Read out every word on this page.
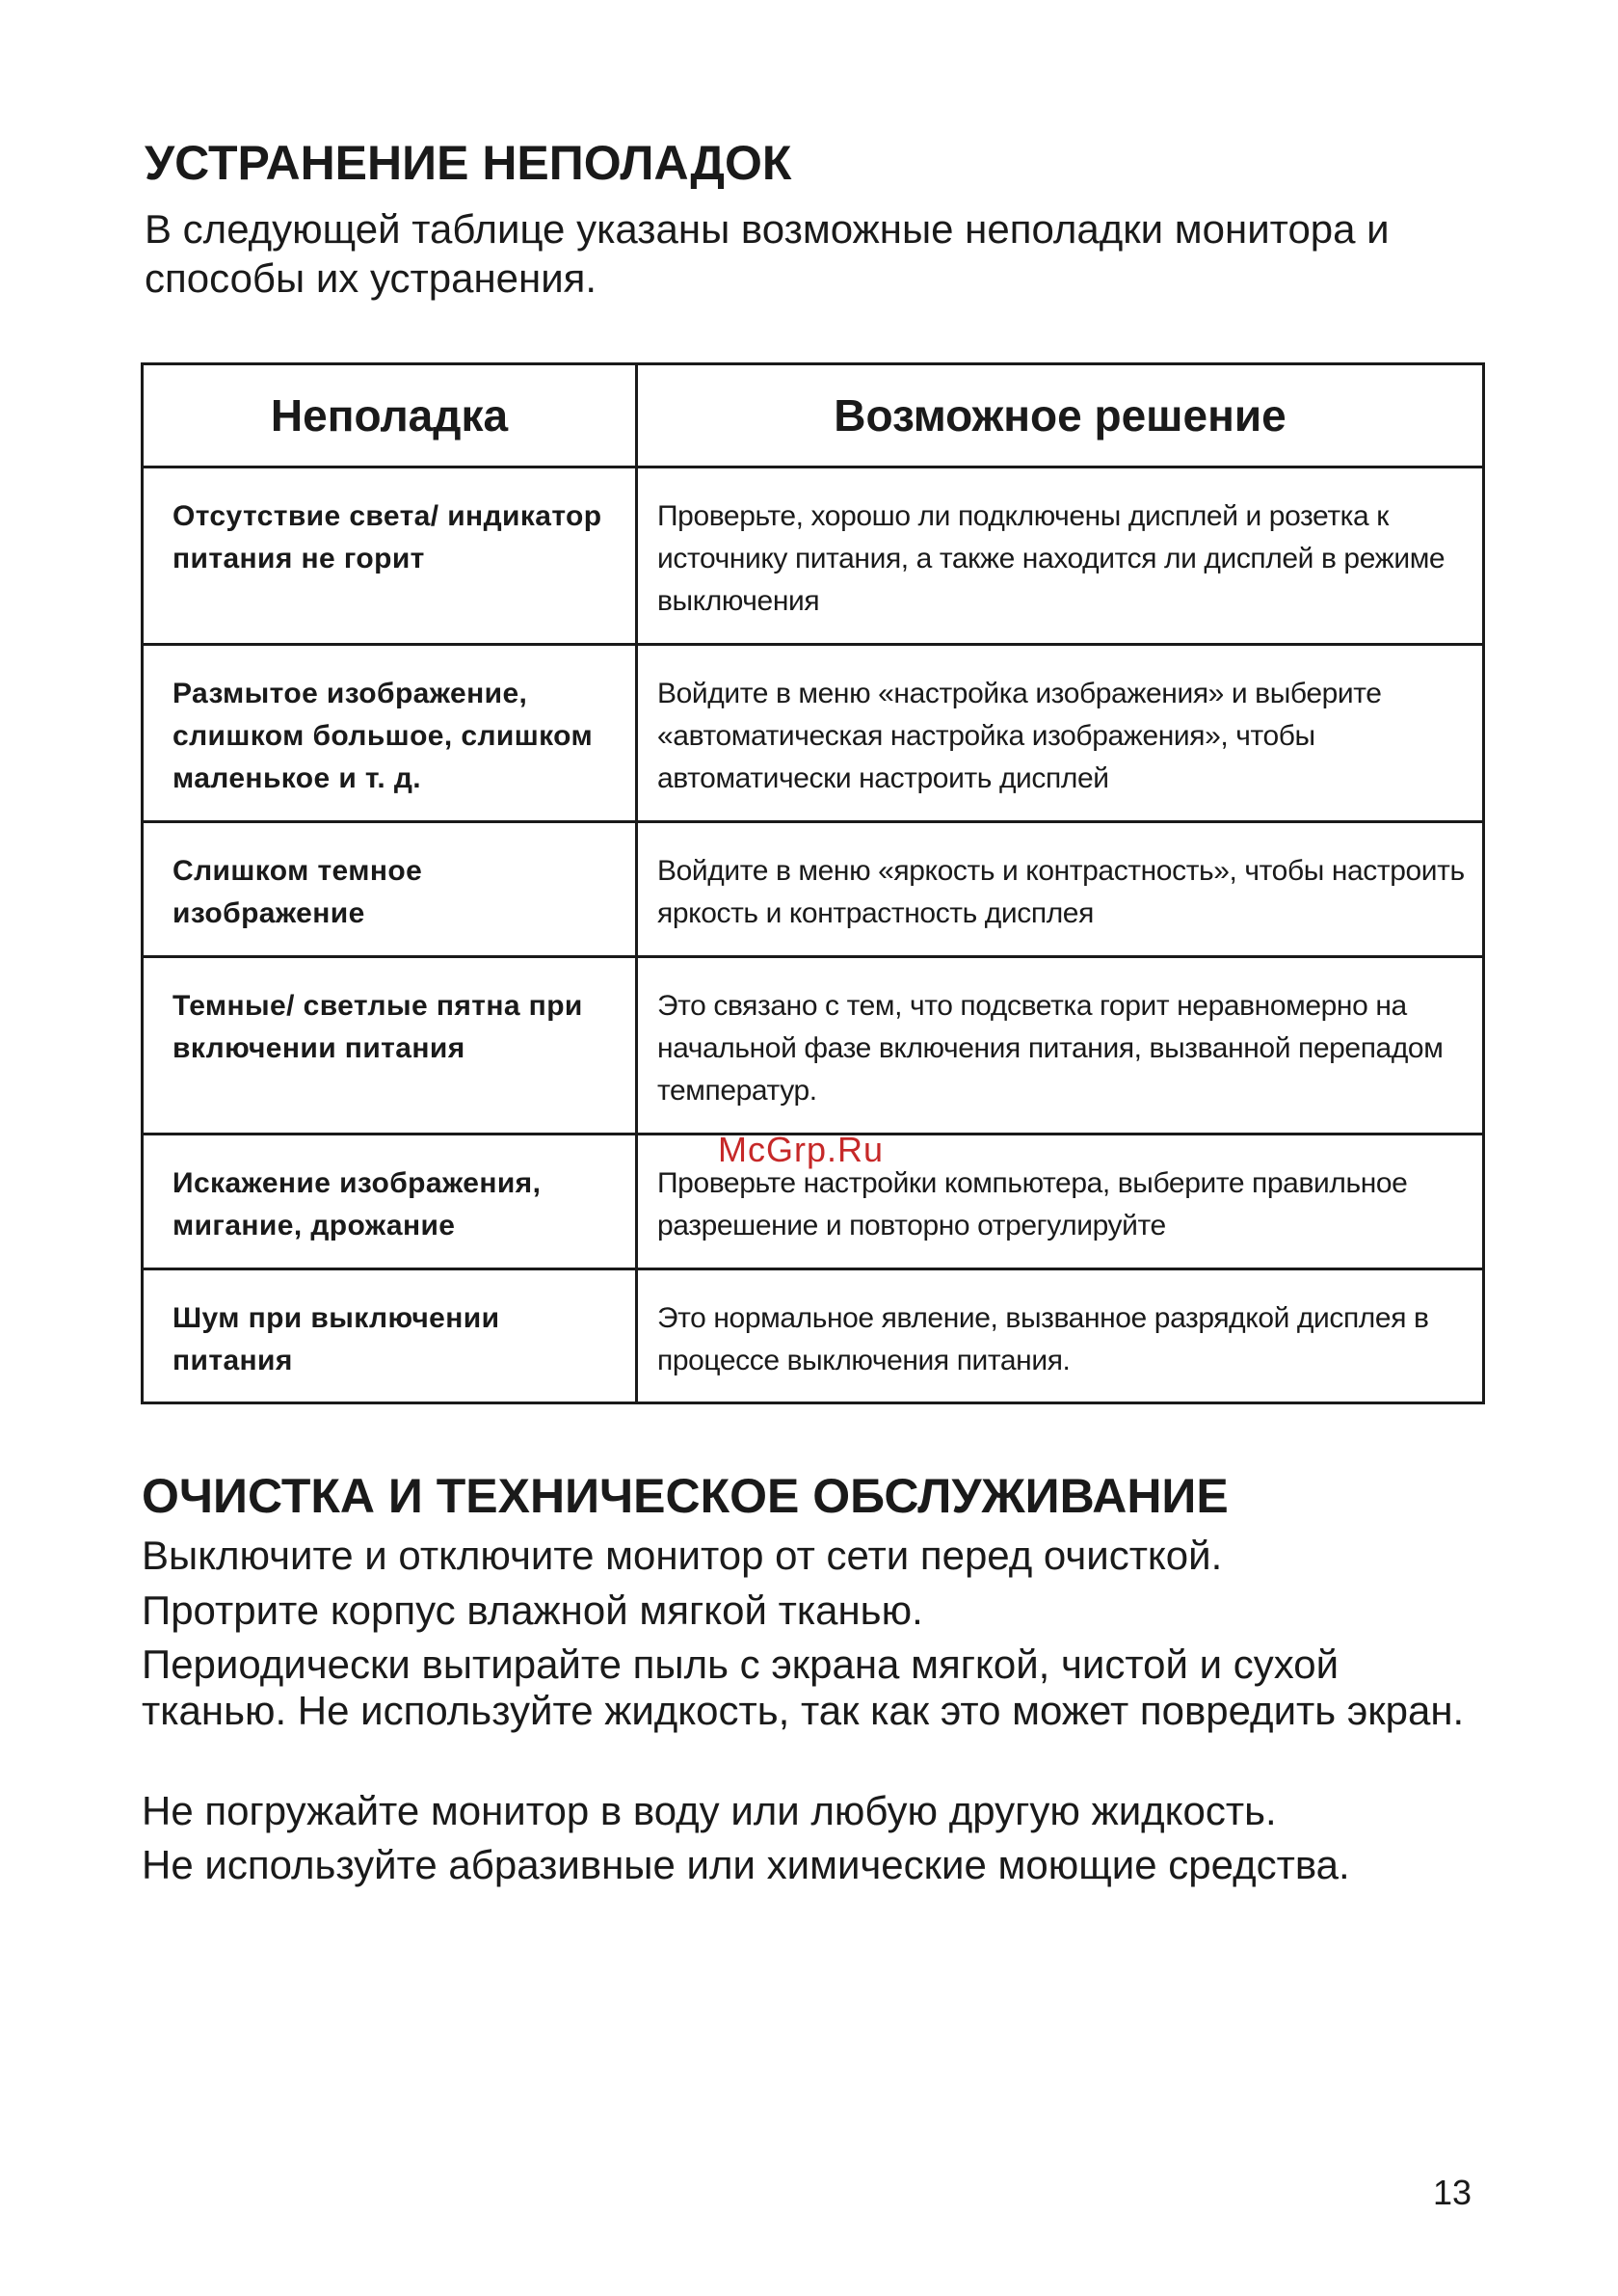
УСТРАНЕНИЕ НЕПОЛАДОК
В следующей таблице указаны возможные неполадки монитора и способы их устранения.
Неполадка	Возможное решение
Отсутствие света/ индикатор питания не горит	Проверьте, хорошо ли подключены дисплей и розетка к источнику питания, а также находится ли дисплей в режиме выключения
Размытое изображение, слишком большое, слишком маленькое и т. д.	Войдите в меню «настройка изображения» и выберите «автоматическая настройка изображения», чтобы автоматически настроить дисплей
Слишком темное изображение	Войдите в меню «яркость и контрастность», чтобы настроить яркость и контрастность дисплея
Темные/ светлые пятна при включении питания	Это связано с тем, что подсветка горит неравномерно на начальной фазе включения питания, вызванной перепадом температур.
Искажение изображения, мигание, дрожание	Проверьте настройки компьютера, выберите правильное разрешение и повторно отрегулируйте
Шум при выключении питания	Это нормальное явление, вызванное разрядкой дисплея в процессе выключения питания.
McGrp.Ru
ОЧИСТКА И ТЕХНИЧЕСКОЕ ОБСЛУЖИВАНИЕ

Выключите и отключите монитор от сети перед очисткой.

Протрите корпус влажной мягкой тканью.

Периодически вытирайте пыль с экрана мягкой, чистой и сухой тканью. Не используйте жидкость, так как это может повредить экран.

Не погружайте монитор в воду или любую другую жидкость.

Не используйте абразивные или химические моющие средства.

13
